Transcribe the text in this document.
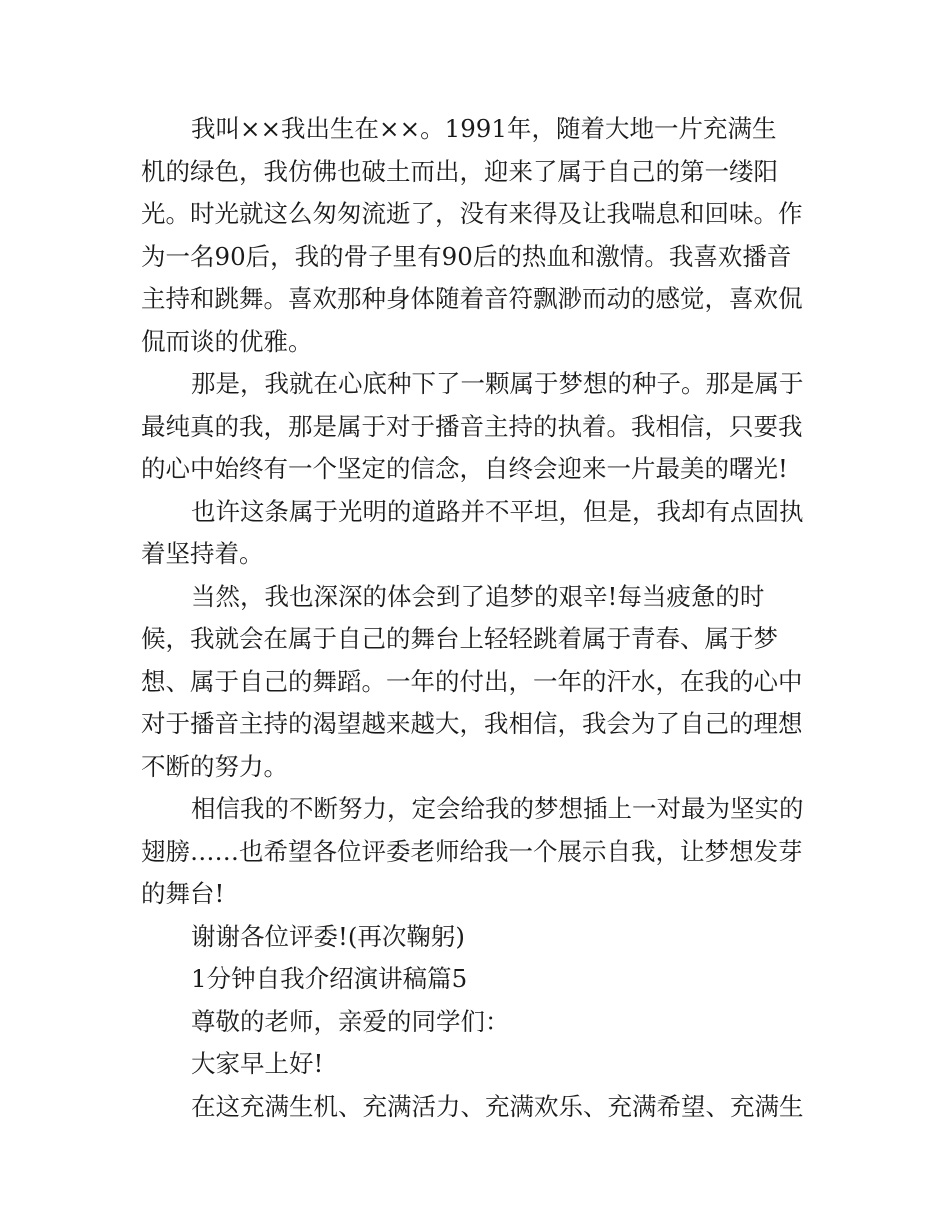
我叫××我出生在××。1991年，随着大地一片充满生
机的绿色，我仿佛也破土而出，迎来了属于自己的第一缕阳
光。时光就这么匆匆流逝了，没有来得及让我喘息和回味。作
为一名90后，我的骨子里有90后的热血和激情。我喜欢播音
主持和跳舞。喜欢那种身体随着音符飘渺而动的感觉，喜欢侃
侃而谈的优雅。
那是，我就在心底种下了一颗属于梦想的种子。那是属于
最纯真的我，那是属于对于播音主持的执着。我相信，只要我
的心中始终有一个坚定的信念，自终会迎来一片最美的曙光!
也许这条属于光明的道路并不平坦，但是，我却有点固执
着坚持着。
当然，我也深深的体会到了追梦的艰辛!每当疲惫的时
候，我就会在属于自己的舞台上轻轻跳着属于青春、属于梦
想、属于自己的舞蹈。一年的付出，一年的汗水，在我的心中
对于播音主持的渴望越来越大，我相信，我会为了自己的理想
不断的努力。
相信我的不断努力，定会给我的梦想插上一对最为坚实的
翅膀……也希望各位评委老师给我一个展示自我，让梦想发芽
的舞台!
谢谢各位评委!(再次鞠躬)
1分钟自我介绍演讲稿篇5
尊敬的老师，亲爱的同学们：
大家早上好!
在这充满生机、充满活力、充满欢乐、充满希望、充满生
